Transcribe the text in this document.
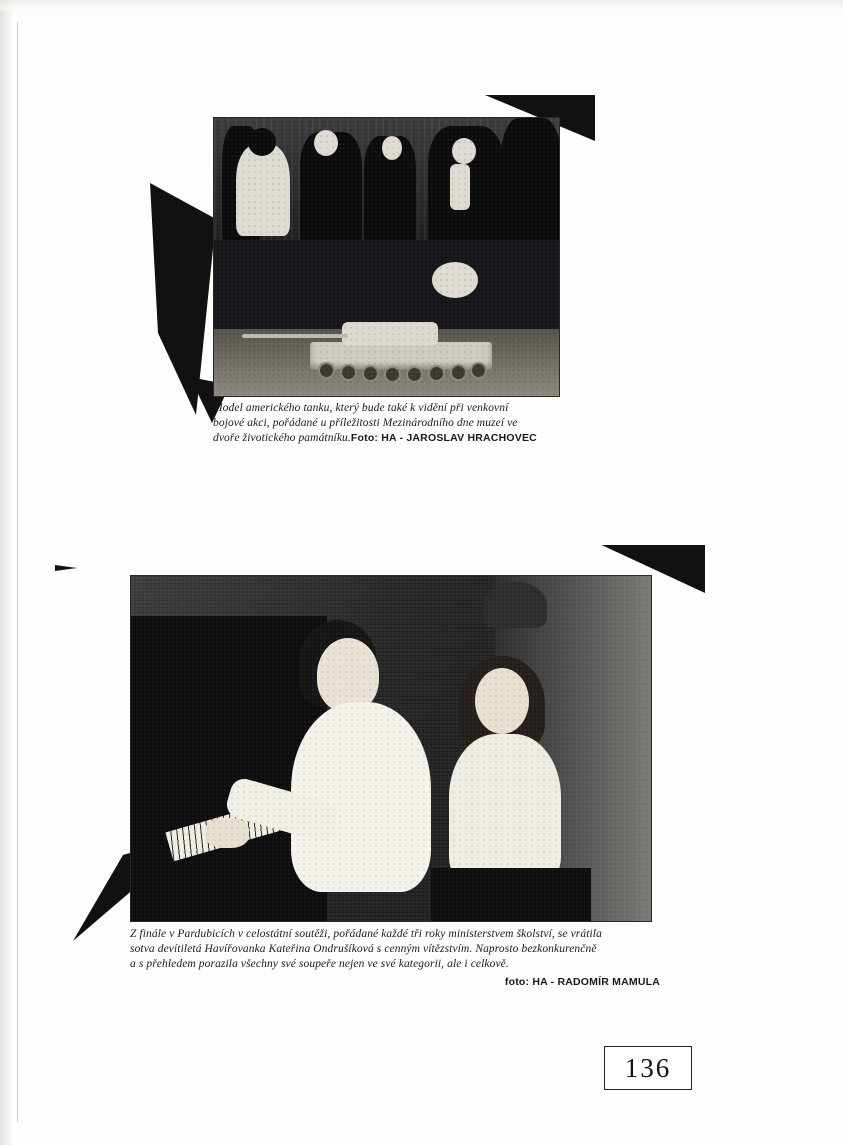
Model amerického tanku, který bude také k vidění při venkovní
bojové akci, pořádané u příležitosti Mezinárodního dne muzeí ve
dvoře životického památníku.Foto: HA - JAROSLAV HRACHOVEC
Z finále v Pardubicích v celostátní soutěži, pořádané každé tři roky ministerstvem školství, se vrátila
sotva devítiletá Havířovanka Kateřina Ondrušíková s cenným vítězstvím. Naprosto bezkonkurenčně
a s přehledem porazila všechny své soupeře nejen ve své kategorii, ale i celkově.
foto: HA - RADOMÍR MAMULA
136
